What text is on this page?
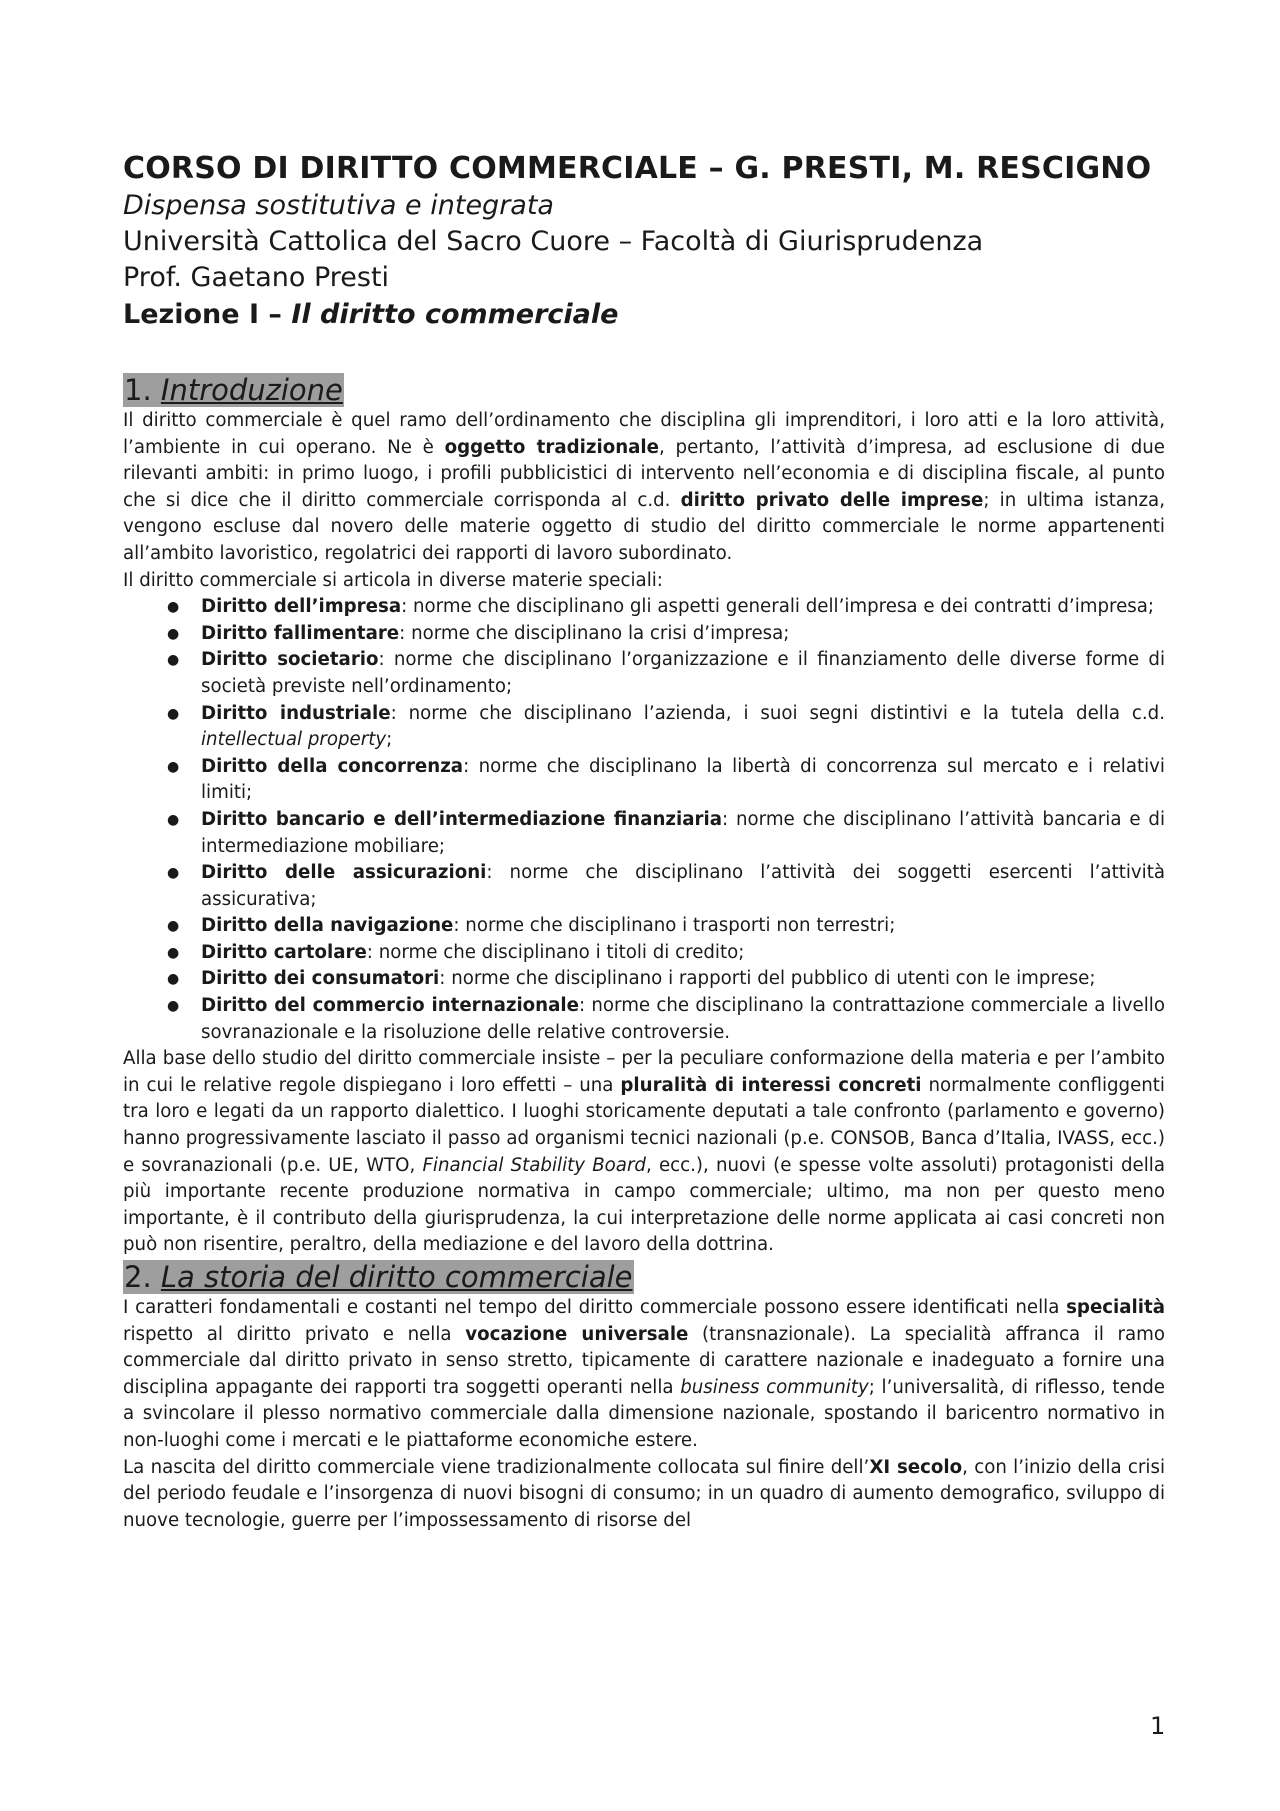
CORSO DI DIRITTO COMMERCIALE – G. PRESTI, M. RESCIGNO

Dispensa sostitutiva e integrata

Università Cattolica del Sacro Cuore – Facoltà di Giurisprudenza

Prof. Gaetano Presti

Lezione I – Il diritto commerciale

1. Introduzione

Il diritto commerciale è quel ramo dell’ordinamento che disciplina gli imprenditori, i loro atti e la loro attività, l’ambiente in cui operano. Ne è oggetto tradizionale, pertanto, l’attività d’impresa, ad esclusione di due rilevanti ambiti: in primo luogo, i profili pubblicistici di intervento nell’economia e di disciplina fiscale, al punto che si dice che il diritto commerciale corrisponda al c.d. diritto privato delle imprese; in ultima istanza, vengono escluse dal novero delle materie oggetto di studio del diritto commerciale le norme appartenenti all’ambito lavoristico, regolatrici dei rapporti di lavoro subordinato.

Il diritto commerciale si articola in diverse materie speciali:

● Diritto dell’impresa: norme che disciplinano gli aspetti generali dell’impresa e dei contratti d’impresa;
● Diritto fallimentare: norme che disciplinano la crisi d’impresa;
● Diritto societario: norme che disciplinano l’organizzazione e il finanziamento delle diverse forme di società previste nell’ordinamento;
● Diritto industriale: norme che disciplinano l’azienda, i suoi segni distintivi e la tutela della c.d. intellectual property;
● Diritto della concorrenza: norme che disciplinano la libertà di concorrenza sul mercato e i relativi limiti;
● Diritto bancario e dell’intermediazione finanziaria: norme che disciplinano l’attività bancaria e di intermediazione mobiliare;
● Diritto delle assicurazioni: norme che disciplinano l’attività dei soggetti esercenti l’attività assicurativa;
● Diritto della navigazione: norme che disciplinano i trasporti non terrestri;
● Diritto cartolare: norme che disciplinano i titoli di credito;
● Diritto dei consumatori: norme che disciplinano i rapporti del pubblico di utenti con le imprese;
● Diritto del commercio internazionale: norme che disciplinano la contrattazione commerciale a livello sovranazionale e la risoluzione delle relative controversie.

Alla base dello studio del diritto commerciale insiste – per la peculiare conformazione della materia e per l’ambito in cui le relative regole dispiegano i loro effetti – una pluralità di interessi concreti normalmente confliggenti tra loro e legati da un rapporto dialettico. I luoghi storicamente deputati a tale confronto (parlamento e governo) hanno progressivamente lasciato il passo ad organismi tecnici nazionali (p.e. CONSOB, Banca d’Italia, IVASS, ecc.) e sovranazionali (p.e. UE, WTO, Financial Stability Board, ecc.), nuovi (e spesse volte assoluti) protagonisti della più importante recente produzione normativa in campo commerciale; ultimo, ma non per questo meno importante, è il contributo della giurisprudenza, la cui interpretazione delle norme applicata ai casi concreti non può non risentire, peraltro, della mediazione e del lavoro della dottrina.

2. La storia del diritto commerciale

I caratteri fondamentali e costanti nel tempo del diritto commerciale possono essere identificati nella specialità rispetto al diritto privato e nella vocazione universale (transnazionale). La specialità affranca il ramo commerciale dal diritto privato in senso stretto, tipicamente di carattere nazionale e inadeguato a fornire una disciplina appagante dei rapporti tra soggetti operanti nella business community; l’universalità, di riflesso, tende a svincolare il plesso normativo commerciale dalla dimensione nazionale, spostando il baricentro normativo in non-luoghi come i mercati e le piattaforme economiche estere.

La nascita del diritto commerciale viene tradizionalmente collocata sul finire dell’XI secolo, con l’inizio della crisi del periodo feudale e l’insorgenza di nuovi bisogni di consumo; in un quadro di aumento demografico, sviluppo di nuove tecnologie, guerre per l’impossessamento di risorse del

1
